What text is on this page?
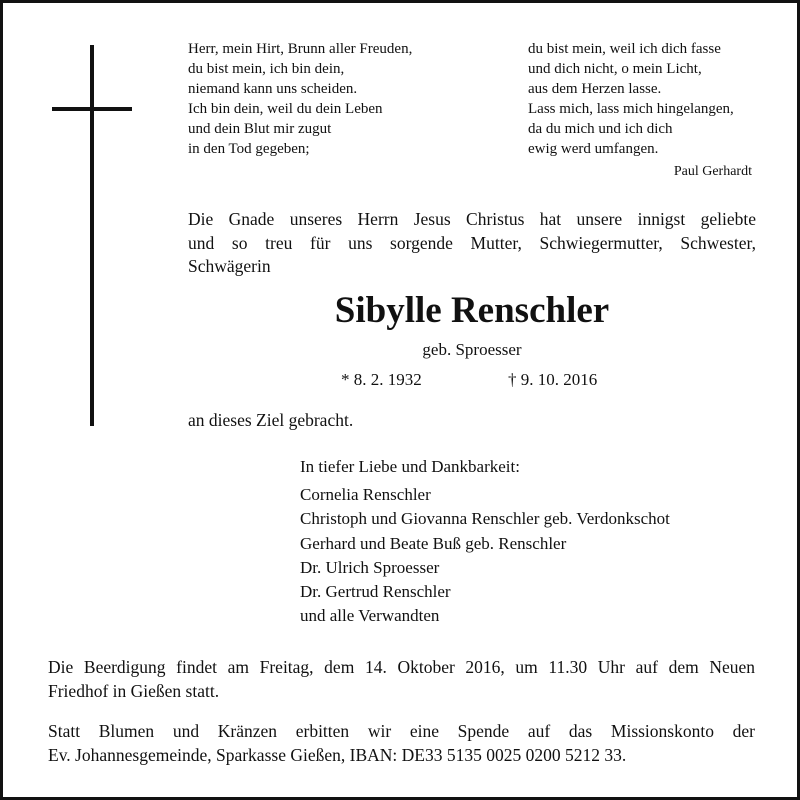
Herr, mein Hirt, Brunn aller Freuden,
du bist mein, ich bin dein,
niemand kann uns scheiden.
Ich bin dein, weil du dein Leben
und dein Blut mir zugut
in den Tod gegeben;
du bist mein, weil ich dich fasse
und dich nicht, o mein Licht,
aus dem Herzen lasse.
Lass mich, lass mich hingelangen,
da du mich und ich dich
ewig werd umfangen.
Paul Gerhardt
Die Gnade unseres Herrn Jesus Christus hat unsere innigst geliebte
und so treu für uns sorgende Mutter, Schwiegermutter, Schwester,
Schwägerin
Sibylle Renschler
geb. Sproesser
* 8. 2. 1932	† 9. 10. 2016
an dieses Ziel gebracht.
In tiefer Liebe und Dankbarkeit:
Cornelia Renschler
Christoph und Giovanna Renschler geb. Verdonkschot
Gerhard und Beate Buß geb. Renschler
Dr. Ulrich Sproesser
Dr. Gertrud Renschler
und alle Verwandten
Die Beerdigung findet am Freitag, dem 14. Oktober 2016, um 11.30 Uhr auf dem Neuen
Friedhof in Gießen statt.
Statt Blumen und Kränzen erbitten wir eine Spende auf das Missionskonto der
Ev. Johannesgemeinde, Sparkasse Gießen, IBAN: DE33 5135 0025 0200 5212 33.
